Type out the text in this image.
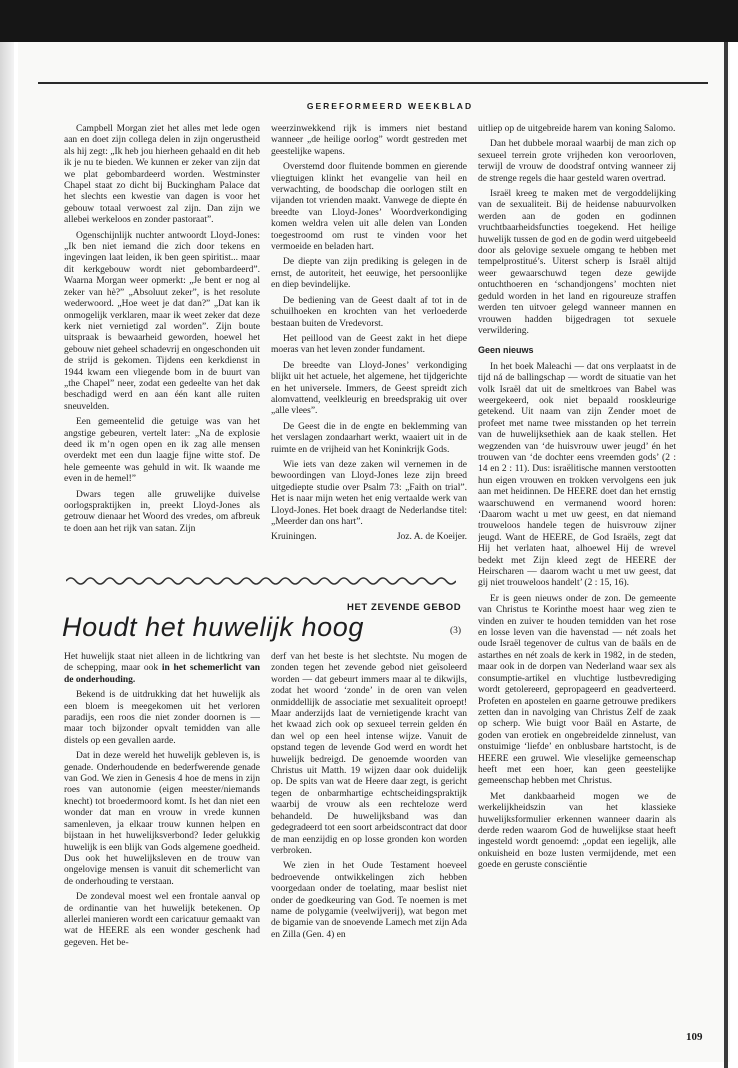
GEREFORMEERD WEEKBLAD

Campbell Morgan ziet het alles met lede ogen aan en doet zijn collega delen in zijn ongerustheid als hij zegt: „Ik heb jou hierheen gehaald en dit heb ik je nu te bieden. We kunnen er zeker van zijn dat we plat gebombardeerd worden. Westminster Chapel staat zo dicht bij Buckingham Palace dat het slechts een kwestie van dagen is voor het gebouw totaal verwoest zal zijn. Dan zijn we allebei werkeloos en zonder pastoraat”.

Ogenschijnlijk nuchter antwoordt Lloyd-Jones: „Ik ben niet iemand die zich door tekens en ingevingen laat leiden, ik ben geen spiritist... maar dit kerkgebouw wordt niet gebombardeerd”. Waarna Morgan weer opmerkt: „Je bent er nog al zeker van hè?” „Absoluut zeker”, is het resolute wederwoord. „Hoe weet je dat dan?” „Dat kan ik onmogelijk verklaren, maar ik weet zeker dat deze kerk niet vernietigd zal worden”. Zijn boute uitspraak is bewaarheid geworden, hoewel het gebouw niet geheel schadevrij en ongeschonden uit de strijd is gekomen. Tijdens een kerkdienst in 1944 kwam een vliegende bom in de buurt van „the Chapel” neer, zodat een gedeelte van het dak beschadigd werd en aan één kant alle ruiten sneuvelden.

Een gemeentelid die getuige was van het angstige gebeuren, vertelt later: „Na de explosie deed ik m’n ogen open en ik zag alle mensen overdekt met een dun laagje fijne witte stof. De hele gemeente was gehuld in wit. Ik waande me even in de hemel!”

Dwars tegen alle gruwelijke duivelse oorlogspraktijken in, preekt Lloyd-Jones als getrouw dienaar het Woord des vredes, om afbreuk te doen aan het rijk van satan. Zijn

weerzinwekkend rijk is immers niet bestand wanneer „de heilige oorlog” wordt gestreden met geestelijke wapens.

Overstemd door fluitende bommen en gierende vliegtuigen klinkt het evangelie van heil en verwachting, de boodschap die oorlogen stilt en vijanden tot vrienden maakt. Vanwege de diepte én breedte van Lloyd-Jones’ Woordverkondiging komen weldra velen uit alle delen van Londen toegestroomd om rust te vinden voor het vermoeide en beladen hart.

De diepte van zijn prediking is gelegen in de ernst, de autoriteit, het eeuwige, het persoonlijke en diep bevindelijke.

De bediening van de Geest daalt af tot in de schuilhoeken en krochten van het verloederde bestaan buiten de Vredevorst.

Het peillood van de Geest zakt in het diepe moeras van het leven zonder fundament.

De breedte van Lloyd-Jones’ verkondiging blijkt uit het actuele, het algemene, het tijdgerichte en het universele. Immers, de Geest spreidt zich alomvattend, veelkleurig en breedsprakig uit over „alle vlees”.

De Geest die in de engte en beklemming van het verslagen zondaarhart werkt, waaiert uit in de ruimte en de vrijheid van het Koninkrijk Gods.

Wie iets van deze zaken wil vernemen in de bewoordingen van Lloyd-Jones leze zijn breed uitgediepte studie over Psalm 73: „Faith on trial”. Het is naar mijn weten het enig vertaalde werk van Lloyd-Jones. Het boek draagt de Nederlandse titel: „Meerder dan ons hart”.

Kruiningen.	Joz. A. de Koeijer.

uitliep op de uitgebreide harem van koning Salomo.

Dan het dubbele moraal waarbij de man zich op sexueel terrein grote vrijheden kon veroorloven, terwijl de vrouw de doodstraf ontving wanneer zij de strenge regels die haar gesteld waren overtrad.

Israël kreeg te maken met de vergoddelijking van de sexualiteit. Bij de heidense nabuurvolken werden aan de goden en godinnen vruchtbaarheidsfuncties toegekend. Het heilige huwelijk tussen de god en de godin werd uitgebeeld door als gelovige sexuele omgang te hebben met tempelprostitué’s. Uiterst scherp is Israël altijd weer gewaarschuwd tegen deze gewijde ontuchthoeren en ‘schandjongens’ mochten niet geduld worden in het land en rigoureuze straffen werden ten uitvoer gelegd wanneer mannen en vrouwen hadden bijgedragen tot sexuele verwildering.

Geen nieuws

In het boek Maleachi — dat ons verplaatst in de tijd ná de ballingschap — wordt de situatie van het volk Israël dat uit de smeltkroes van Babel was weergekeerd, ook niet bepaald rooskleurige getekend. Uit naam van zijn Zender moet de profeet met name twee misstanden op het terrein van de huwelijksethiek aan de kaak stellen. Het wegzenden van ‘de huisvrouw uwer jeugd’ én het trouwen van ‘de dochter eens vreemden gods’ (2 : 14 en 2 : 11). Dus: israëlitische mannen verstootten hun eigen vrouwen en trokken vervolgens een juk aan met heidinnen. De HEERE doet dan het ernstig waarschuwend en vermanend woord horen: ‘Daarom wacht u met uw geest, en dat niemand trouweloos handele tegen de huisvrouw zijner jeugd. Want de HEERE, de God Israëls, zegt dat Hij het verlaten haat, alhoewel Hij de wrevel bedekt met Zijn kleed zegt de HEERE der Heirscharen — daarom wacht u met uw geest, dat gij niet trouweloos handelt’ (2 : 15, 16).

Er is geen nieuws onder de zon. De gemeente van Christus te Korinthe moest haar weg zien te vinden en zuiver te houden temidden van het rose en losse leven van die havenstad — nét zoals het oude Israël tegenover de cultus van de baäls en de astarthes en nét zoals de kerk in 1982, in de steden, maar ook in de dorpen van Nederland waar sex als consumptie-artikel en vluchtige lustbevrediging wordt getolereerd, gepropageerd en geadverteerd. Profeten en apostelen en gaarne getrouwe predikers zetten dan in navolging van Christus Zelf de zaak op scherp. Wie buigt voor Baäl en Astarte, de goden van erotiek en ongebreidelde zinnelust, van onstuimige ‘liefde’ en onblusbare hartstocht, is de HEERE een gruwel. Wie vleselijke gemeenschap heeft met een hoer, kan geen geestelijke gemeenschap hebben met Christus.

Met dankbaarheid mogen we de werkelijkheidszin van het klassieke huwelijksformulier erkennen wanneer daarin als derde reden waarom God de huwelijkse staat heeft ingesteld wordt genoemd: „opdat een iegelijk, alle onkuisheid en boze lusten vermijdende, met een goede en geruste consciëntie

HET ZEVENDE GEBOD
Houdt het huwelijk hoog	(3)

Het huwelijk staat niet alleen in de lichtkring van de schepping, maar ook in het schemerlicht van de onderhouding.

Bekend is de uitdrukking dat het huwelijk als een bloem is meegekomen uit het verloren paradijs, een roos die niet zonder doornen is — maar toch bijzonder opvalt temidden van alle distels op een gevallen aarde.

Dat in deze wereld het huwelijk gebleven is, is genade. Onderhoudende en bederfwerende genade van God. We zien in Genesis 4 hoe de mens in zijn roes van autonomie (eigen meester/niemands knecht) tot broedermoord komt. Is het dan niet een wonder dat man en vrouw in vrede kunnen samenleven, ja elkaar trouw kunnen helpen en bijstaan in het huwelijksverbond? Ieder gelukkig huwelijk is een blijk van Gods algemene goedheid. Dus ook het huwelijksleven en de trouw van ongelovige mensen is vanuit dit schemerlicht van de onderhouding te verstaan.

De zondeval moest wel een frontale aanval op de ordinantie van het huwelijk betekenen. Op allerlei manieren wordt een caricatuur gemaakt van wat de HEERE als een wonder geschenk had gegeven. Het be-

derf van het beste is het slechtste. Nu mogen de zonden tegen het zevende gebod niet geïsoleerd worden — dat gebeurt immers maar al te dikwijls, zodat het woord ‘zonde’ in de oren van velen onmiddellijk de associatie met sexualiteit oproept! Maar anderzijds laat de vernietigende kracht van het kwaad zich ook op sexueel terrein gelden én dan wel op een heel intense wijze. Vanuit de opstand tegen de levende God werd en wordt het huwelijk bedreigd. De genoemde woorden van Christus uit Matth. 19 wijzen daar ook duidelijk op. De spits van wat de Heere daar zegt, is gericht tegen de onbarmhartige echtscheidingspraktijk waarbij de vrouw als een rechteloze werd behandeld. De huwelijksband was dan gedegradeerd tot een soort arbeidscontract dat door de man eenzijdig en op losse gronden kon worden verbroken.

We zien in het Oude Testament hoeveel bedroevende ontwikkelingen zich hebben voorgedaan onder de toelating, maar beslist niet onder de goedkeuring van God. Te noemen is met name de polygamie (veelwijverij), wat begon met de bigamie van de snoevende Lamech met zijn Ada en Zilla (Gen. 4) en

109
